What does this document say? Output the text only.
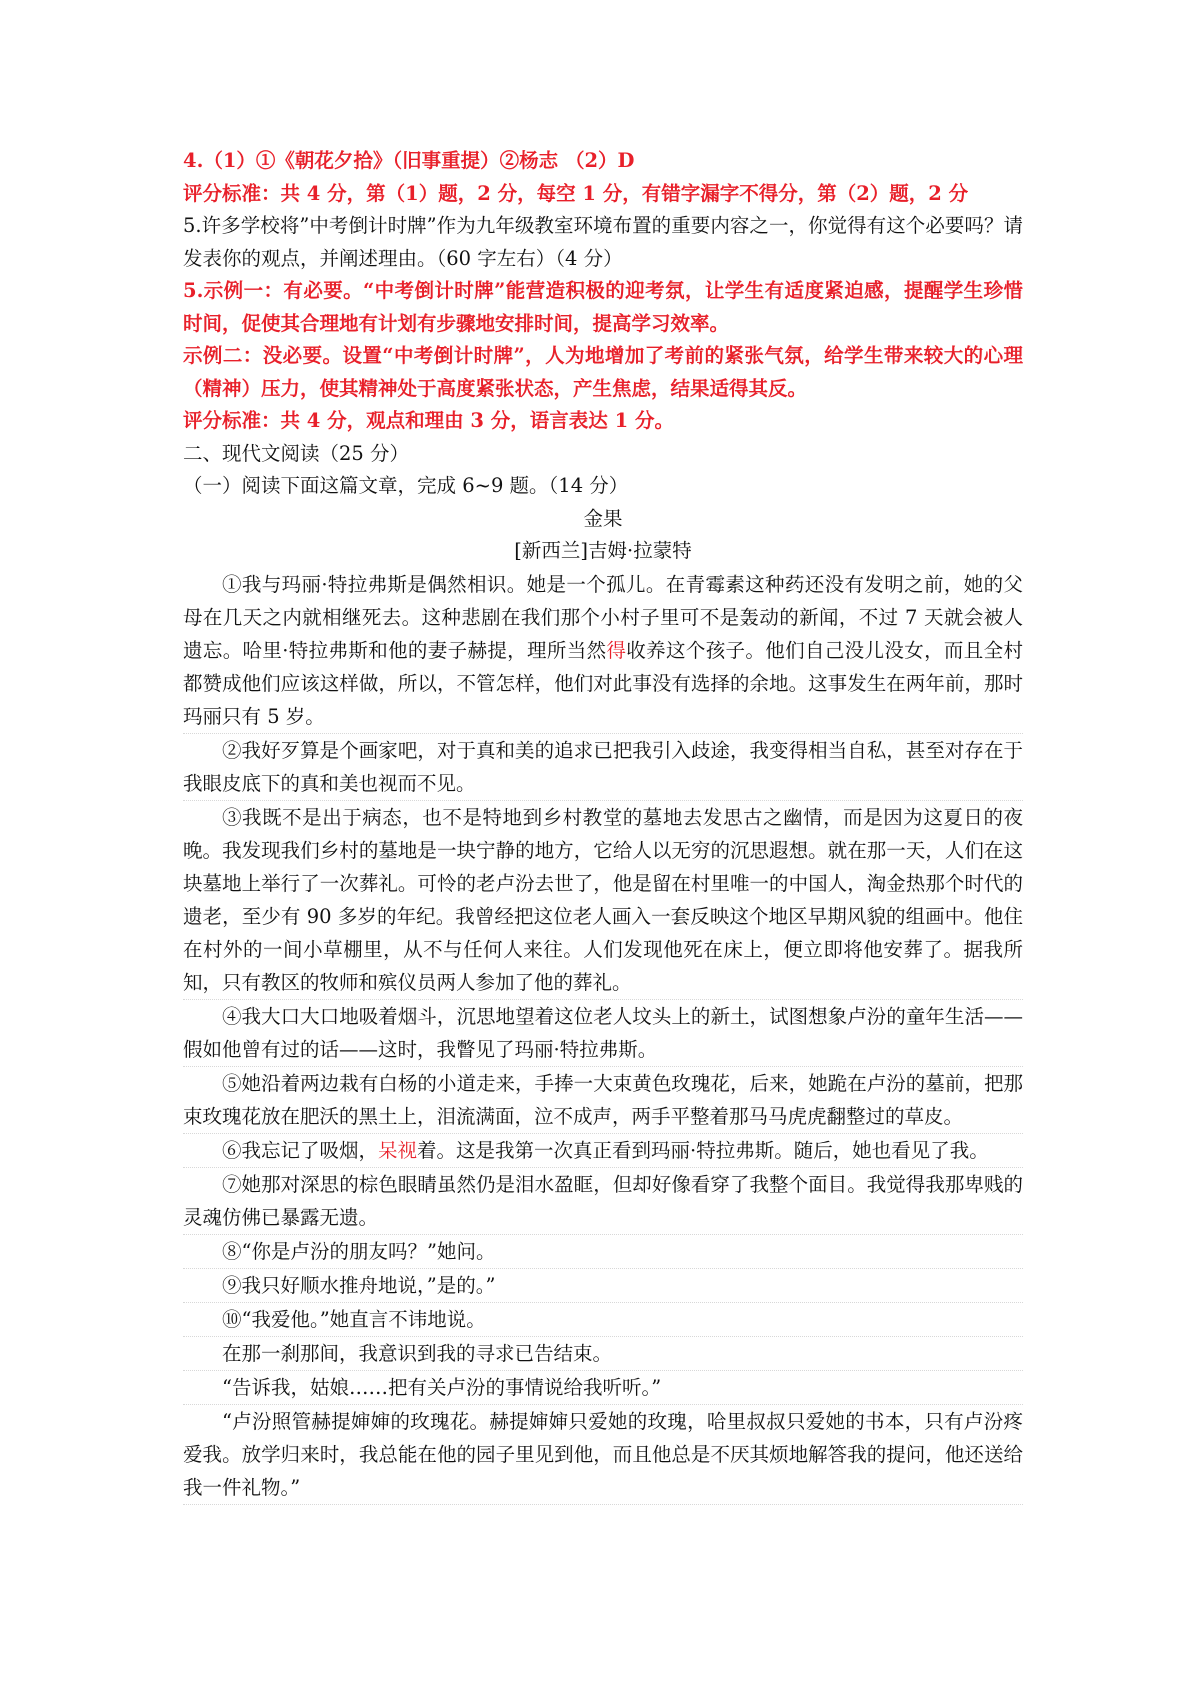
4.（1）①《朝花夕拾》（旧事重提）②杨志 （2）D
评分标准：共 4 分，第（1）题，2 分，每空 1 分，有错字漏字不得分，第（2）题，2 分

5.许多学校将”中考倒计时牌”作为九年级教室环境布置的重要内容之一，你觉得有这个必要吗？请发表你的观点，并阐述理由。（60 字左右）（4 分）

5.示例一：有必要。“中考倒计时牌”能营造积极的迎考氛，让学生有适度紧迫感，提醒学生珍惜时间，促使其合理地有计划有步骤地安排时间，提高学习效率。

示例二：没必要。设置“中考倒计时牌”，人为地增加了考前的紧张气氛，给学生带来较大的心理（精神）压力，使其精神处于高度紧张状态，产生焦虑，结果适得其反。

评分标准：共 4 分，观点和理由 3 分，语言表达 1 分。
二、现代文阅读（25 分）
（一）阅读下面这篇文章，完成 6~9 题。（14 分）
金果
[新西兰]吉姆·拉蒙特

①我与玛丽·特拉弗斯是偶然相识。她是一个孤儿。在青霉素这种药还没有发明之前，她的父母在几天之内就相继死去。这种悲剧在我们那个小村子里可不是轰动的新闻，不过 7 天就会被人遗忘。哈里·特拉弗斯和他的妻子赫提，理所当然得收养这个孩子。他们自己没儿没女，而且全村都赞成他们应该这样做，所以，不管怎样，他们对此事没有选择的余地。这事发生在两年前，那时玛丽只有 5 岁。

②我好歹算是个画家吧，对于真和美的追求已把我引入歧途，我变得相当自私，甚至对存在于我眼皮底下的真和美也视而不见。

③我既不是出于病态，也不是特地到乡村教堂的墓地去发思古之幽情，而是因为这夏日的夜晚。我发现我们乡村的墓地是一块宁静的地方，它给人以无穷的沉思遐想。就在那一天，人们在这块墓地上举行了一次葬礼。可怜的老卢汾去世了，他是留在村里唯一的中国人，淘金热那个时代的遗老，至少有 90 多岁的年纪。我曾经把这位老人画入一套反映这个地区早期风貌的组画中。他住在村外的一间小草棚里，从不与任何人来往。人们发现他死在床上，便立即将他安葬了。据我所知，只有教区的牧师和殡仪员两人参加了他的葬礼。

④我大口大口地吸着烟斗，沉思地望着这位老人坟头上的新土，试图想象卢汾的童年生活——假如他曾有过的话——这时，我瞥见了玛丽·特拉弗斯。

⑤她沿着两边栽有白杨的小道走来，手捧一大束黄色玫瑰花，后来，她跪在卢汾的墓前，把那束玫瑰花放在肥沃的黑土上，泪流满面，泣不成声，两手平整着那马马虎虎翻整过的草皮。

⑥我忘记了吸烟，呆视着。这是我第一次真正看到玛丽·特拉弗斯。随后，她也看见了我。

⑦她那对深思的棕色眼睛虽然仍是泪水盈眶，但却好像看穿了我整个面目。我觉得我那卑贱的灵魂仿佛已暴露无遗。

⑧“你是卢汾的朋友吗？”她问。

⑨我只好顺水推舟地说，”是的。”

⑩“我爱他。”她直言不讳地说。

在那一刹那间，我意识到我的寻求已告结束。

“告诉我，姑娘……把有关卢汾的事情说给我听听。”

“卢汾照管赫提婶婶的玫瑰花。赫提婶婶只爱她的玫瑰，哈里叔叔只爱她的书本，只有卢汾疼爱我。放学归来时，我总能在他的园子里见到他，而且他总是不厌其烦地解答我的提问，他还送给我一件礼物。”
